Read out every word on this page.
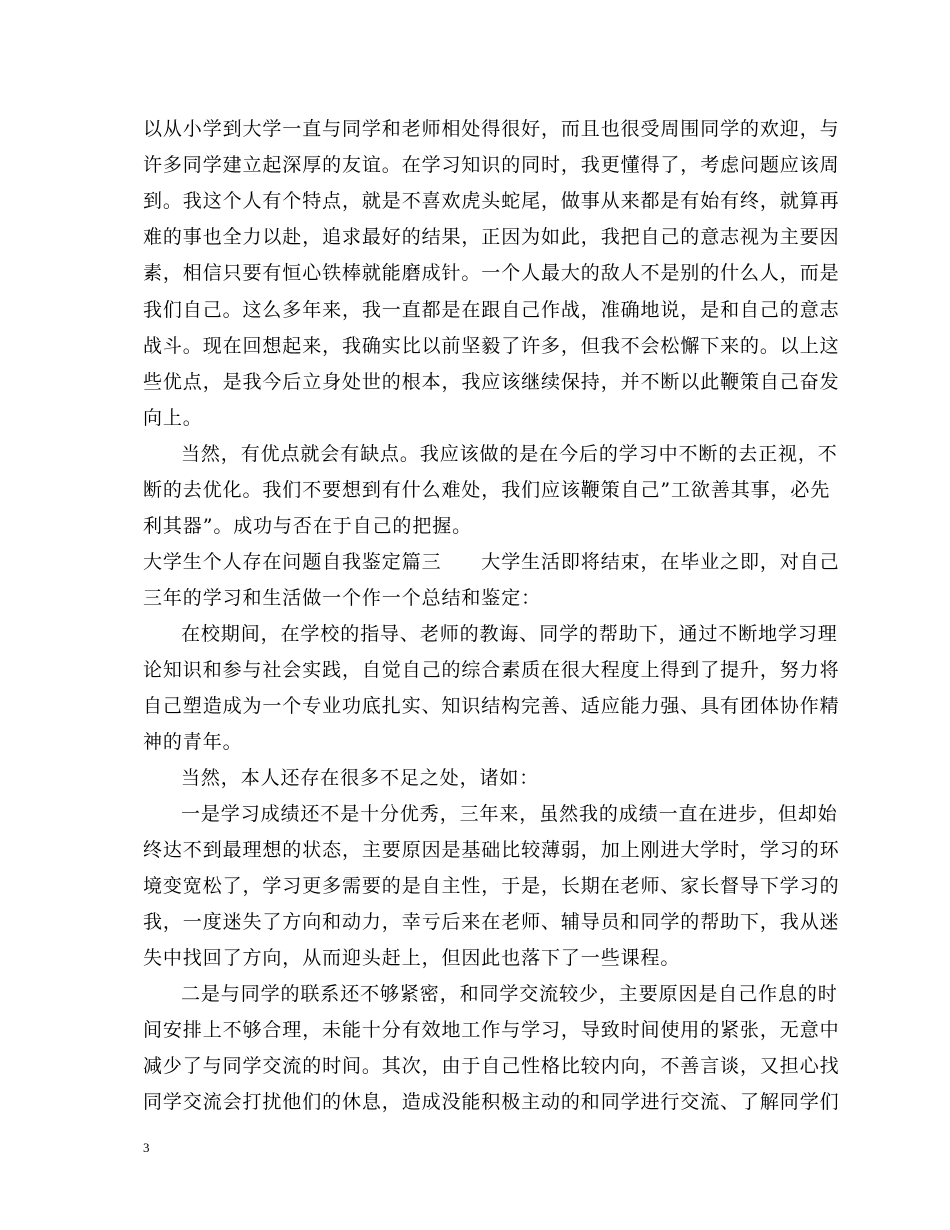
以从小学到大学一直与同学和老师相处得很好，而且也很受周围同学的欢迎，与
许多同学建立起深厚的友谊。在学习知识的同时，我更懂得了，考虑问题应该周
到。我这个人有个特点，就是不喜欢虎头蛇尾，做事从来都是有始有终，就算再
难的事也全力以赴，追求最好的结果，正因为如此，我把自己的意志视为主要因
素，相信只要有恒心铁棒就能磨成针。一个人最大的敌人不是别的什么人，而是
我们自己。这么多年来，我一直都是在跟自己作战，准确地说，是和自己的意志
战斗。现在回想起来，我确实比以前坚毅了许多，但我不会松懈下来的。以上这
些优点，是我今后立身处世的根本，我应该继续保持，并不断以此鞭策自己奋发
向上。
当然，有优点就会有缺点。我应该做的是在今后的学习中不断的去正视，不
断的去优化。我们不要想到有什么难处，我们应该鞭策自己”工欲善其事，必先
利其器”。成功与否在于自己的把握。
大学生个人存在问题自我鉴定篇三　　大学生活即将结束，在毕业之即，对自己
三年的学习和生活做一个作一个总结和鉴定：
在校期间，在学校的指导、老师的教诲、同学的帮助下，通过不断地学习理
论知识和参与社会实践，自觉自己的综合素质在很大程度上得到了提升，努力将
自己塑造成为一个专业功底扎实、知识结构完善、适应能力强、具有团体协作精
神的青年。
当然，本人还存在很多不足之处，诸如：
一是学习成绩还不是十分优秀，三年来，虽然我的成绩一直在进步，但却始
终达不到最理想的状态，主要原因是基础比较薄弱，加上刚进大学时，学习的环
境变宽松了，学习更多需要的是自主性，于是，长期在老师、家长督导下学习的
我，一度迷失了方向和动力，幸亏后来在老师、辅导员和同学的帮助下，我从迷
失中找回了方向，从而迎头赶上，但因此也落下了一些课程。
二是与同学的联系还不够紧密，和同学交流较少，主要原因是自己作息的时
间安排上不够合理，未能十分有效地工作与学习，导致时间使用的紧张，无意中
减少了与同学交流的时间。其次，由于自己性格比较内向，不善言谈，又担心找
同学交流会打扰他们的休息，造成没能积极主动的和同学进行交流、了解同学们
3
